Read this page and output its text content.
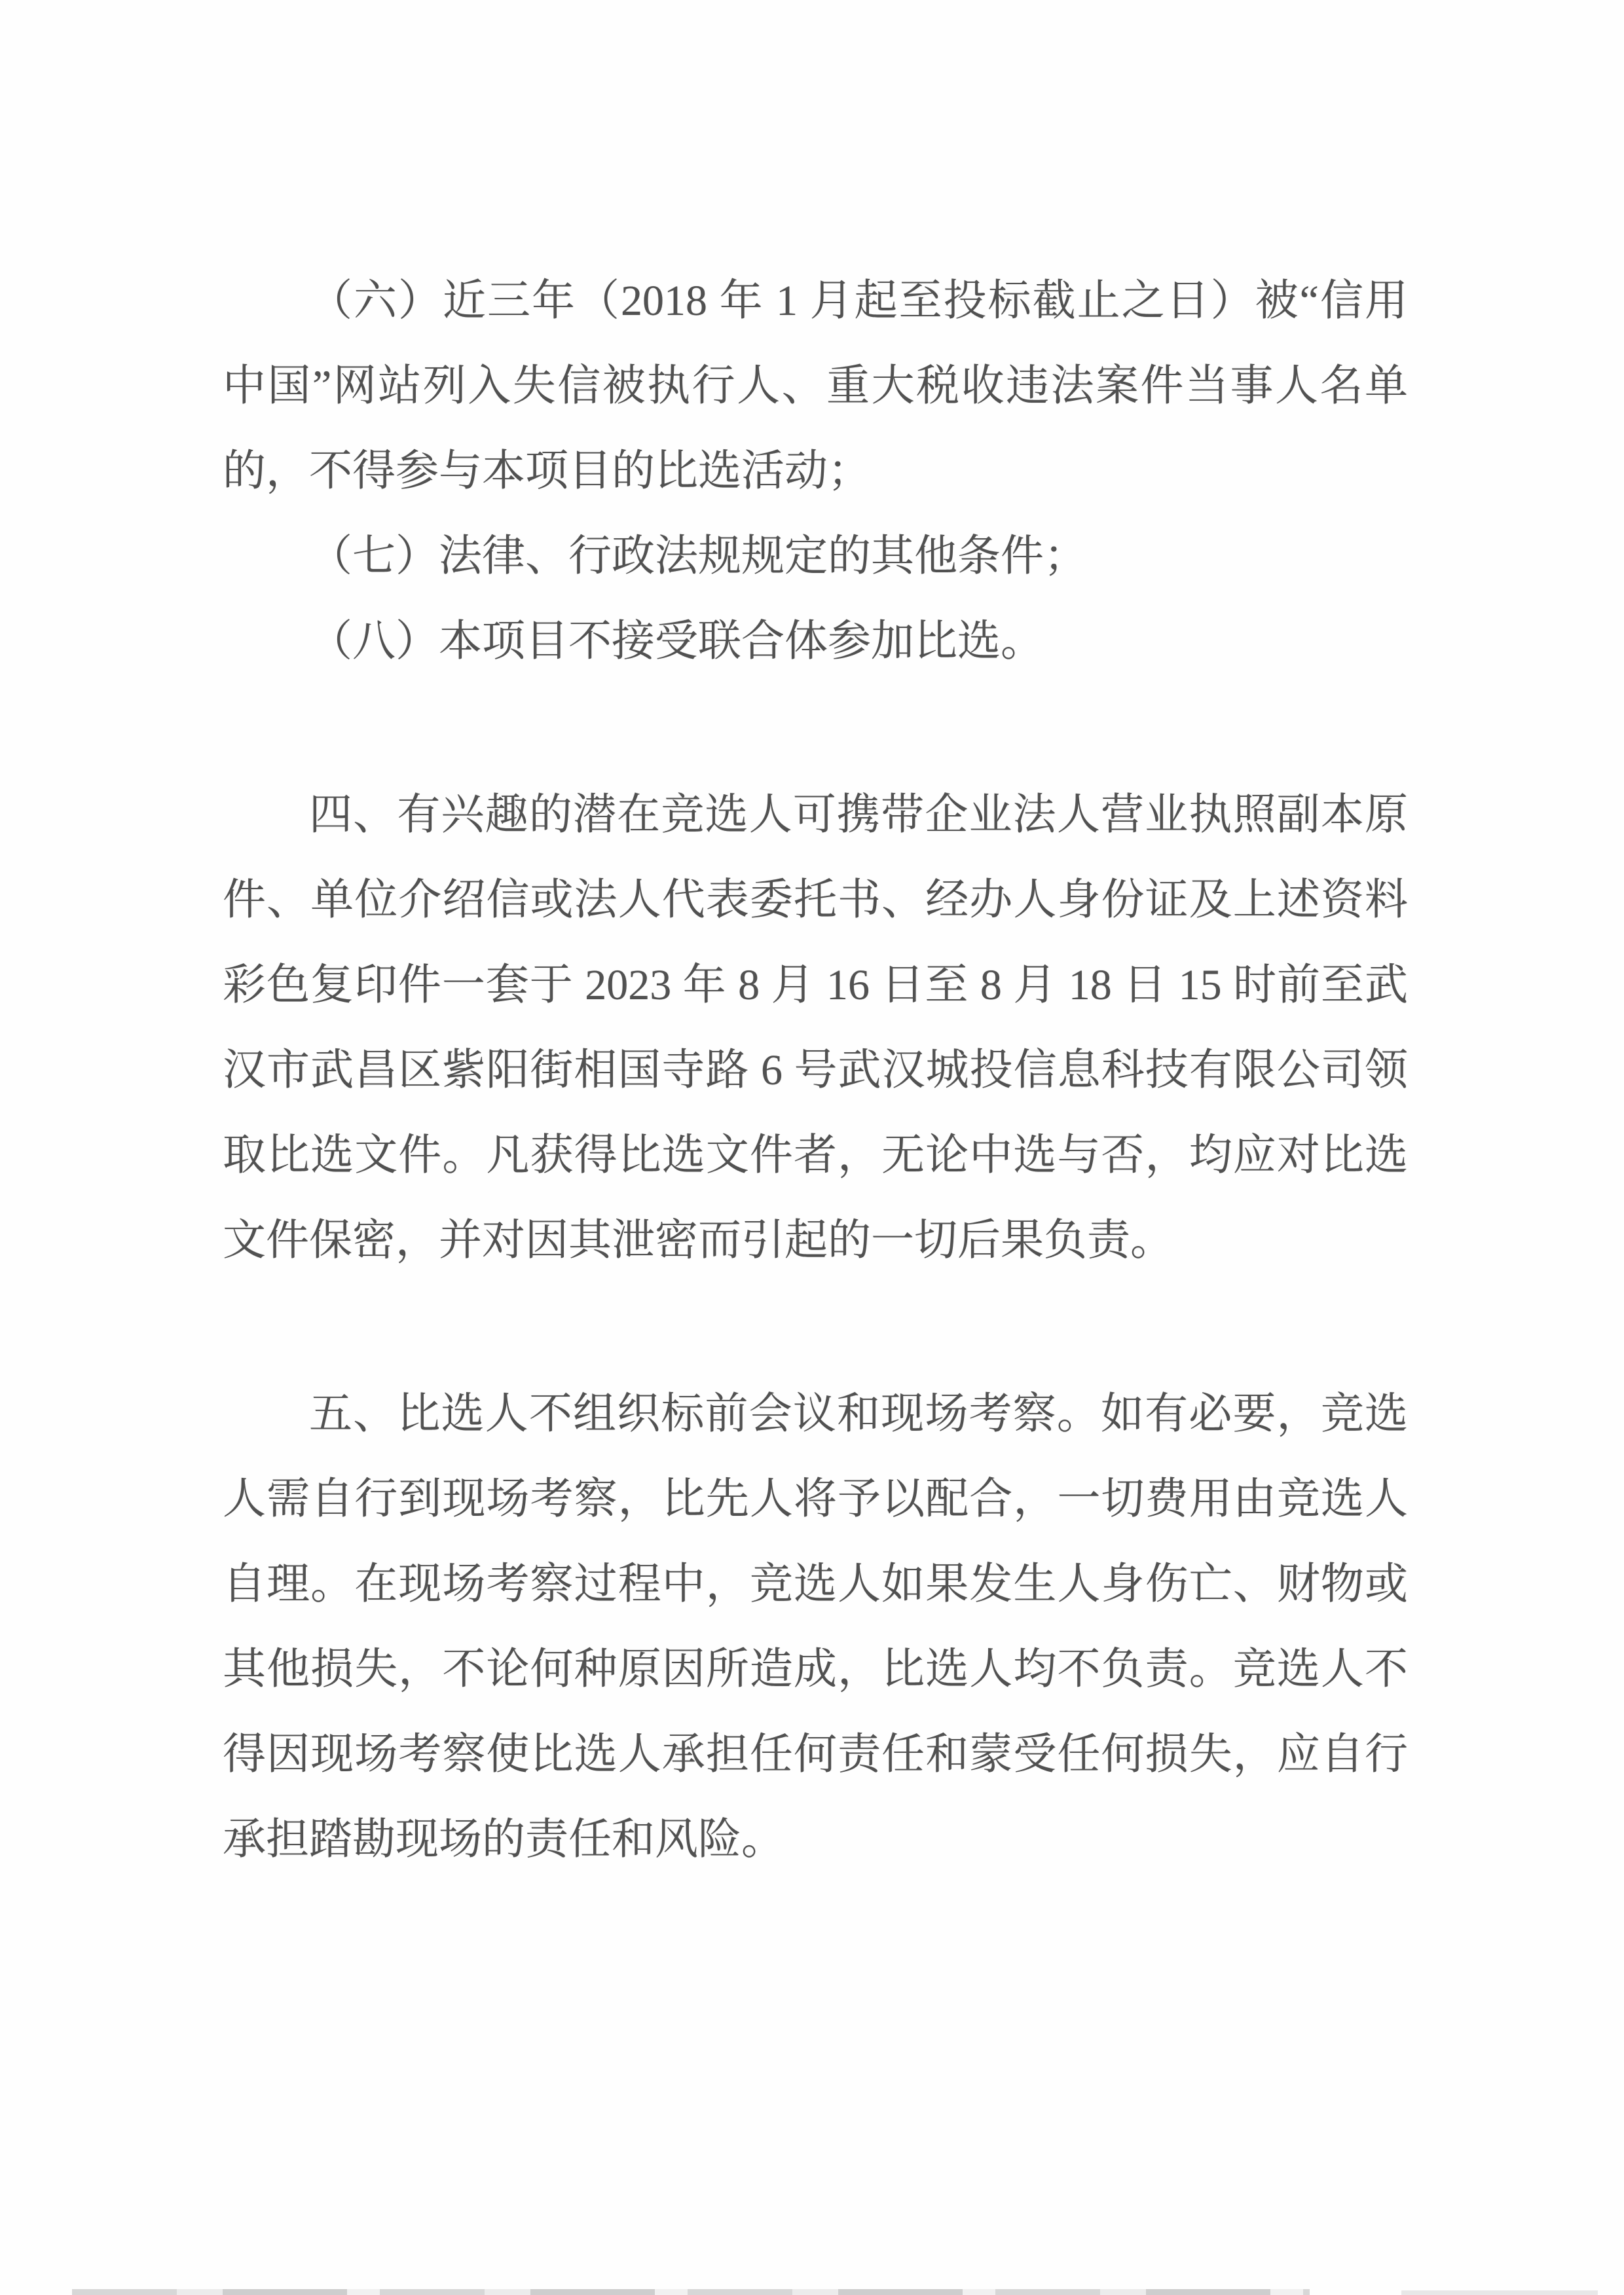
（六）近三年（2018 年 1 月起至投标截止之日）被“信用
中国”网站列入失信被执行人、重大税收违法案件当事人名单
的，不得参与本项目的比选活动；
（七）法律、行政法规规定的其他条件；
（八）本项目不接受联合体参加比选。
四、有兴趣的潜在竞选人可携带企业法人营业执照副本原
件、单位介绍信或法人代表委托书、经办人身份证及上述资料
彩色复印件一套于 2023 年 8 月 16 日至 8 月 18 日 15 时前至武
汉市武昌区紫阳街相国寺路 6 号武汉城投信息科技有限公司领
取比选文件。凡获得比选文件者，无论中选与否，均应对比选
文件保密，并对因其泄密而引起的一切后果负责。
五、比选人不组织标前会议和现场考察。如有必要，竞选
人需自行到现场考察，比先人将予以配合，一切费用由竞选人
自理。在现场考察过程中，竞选人如果发生人身伤亡、财物或
其他损失，不论何种原因所造成，比选人均不负责。竞选人不
得因现场考察使比选人承担任何责任和蒙受任何损失，应自行
承担踏勘现场的责任和风险。
